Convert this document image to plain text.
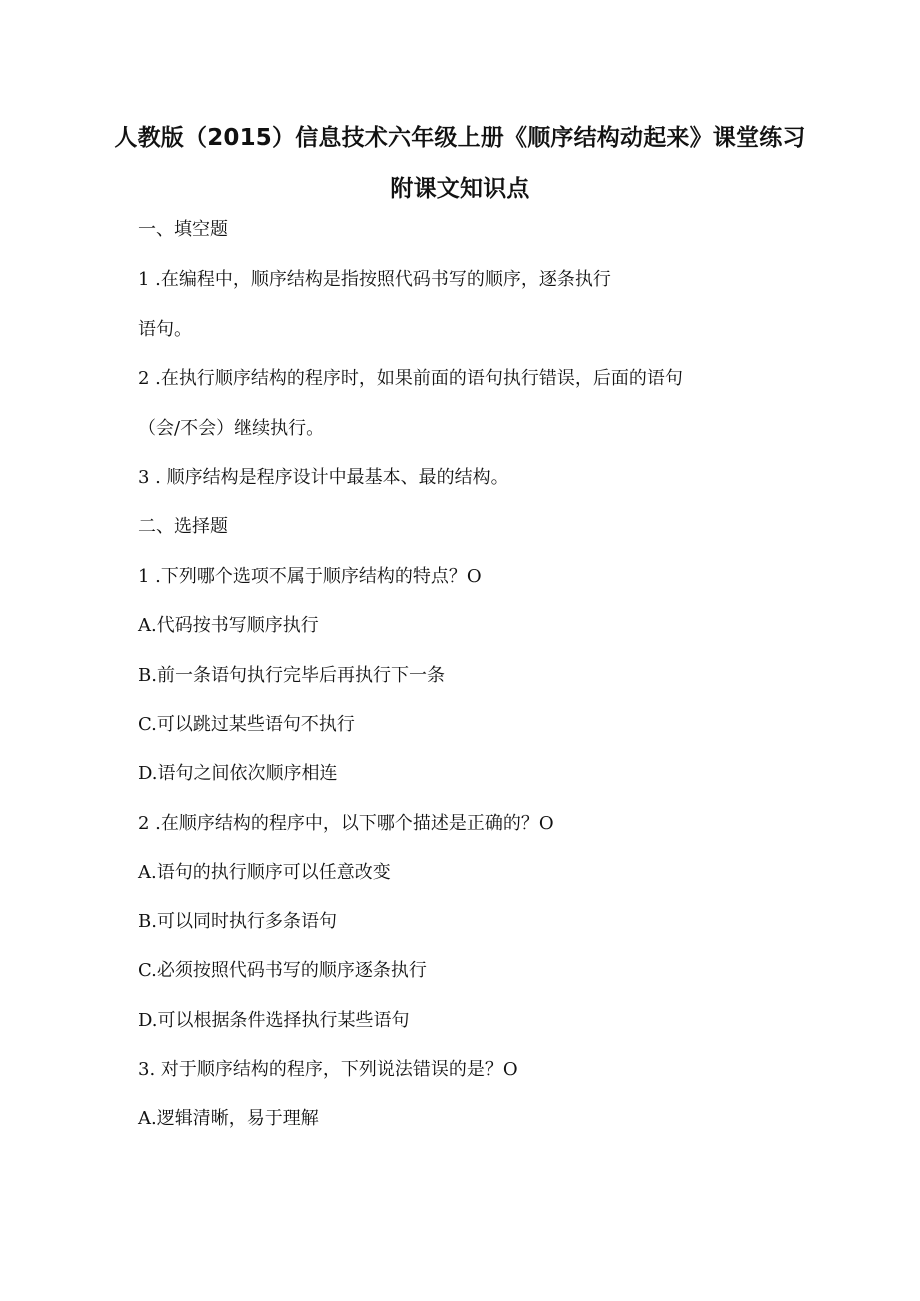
人教版（2015）信息技术六年级上册《顺序结构动起来》课堂练习
附课文知识点
一、填空题
1 .在编程中，顺序结构是指按照代码书写的顺序，逐条执行
语句。
2 .在执行顺序结构的程序时，如果前面的语句执行错误，后面的语句
（会/不会）继续执行。
3 . 顺序结构是程序设计中最基本、最的结构。
二、选择题
1 .下列哪个选项不属于顺序结构的特点？O
A.代码按书写顺序执行
B.前一条语句执行完毕后再执行下一条
C.可以跳过某些语句不执行
D.语句之间依次顺序相连
2 .在顺序结构的程序中，以下哪个描述是正确的？O
A.语句的执行顺序可以任意改变
B.可以同时执行多条语句
C.必须按照代码书写的顺序逐条执行
D.可以根据条件选择执行某些语句
3. 对于顺序结构的程序，下列说法错误的是？O
A.逻辑清晰，易于理解
